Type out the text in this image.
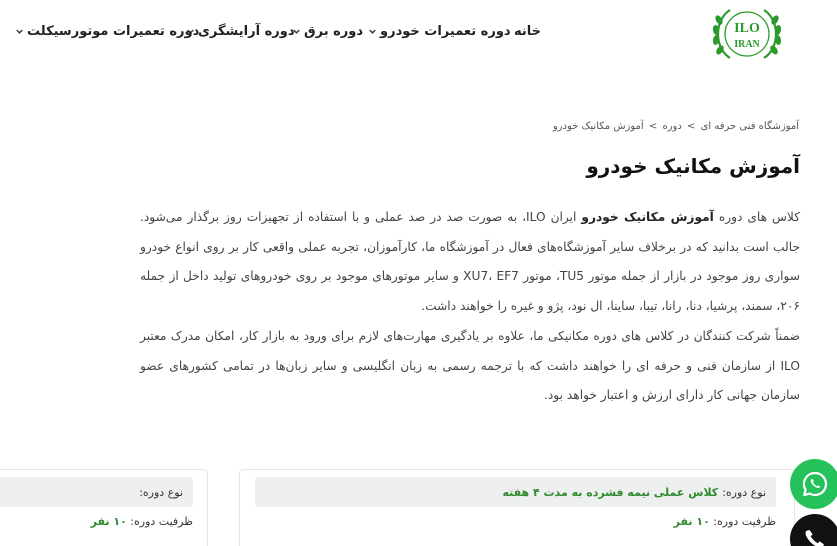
ILO
IRAN
خانه
دوره تعمیرات خودرو
دوره برق
دوره آرایشگری
دوره تعمیرات موتورسیکلت
آموزشگاه فنی حرفه ای > دوره > آموزش مکانیک خودرو
آموزش مکانیک خودرو

کلاس های دوره آموزش مکانیک خودرو ایران ILO، به صورت صد در صد عملی و با استفاده از تجهیزات روز برگذار می‌شود. جالب است بدانید که در برخلاف سایر آموزشگاه‌های فعال در آموزشگاه ما، کارآموزان، تجربه عملی واقعی کار بر روی انواع خودرو سواری روز موجود در بازار از جمله موتور TU5، موتور XU7، EF7 و سایر موتورهای موجود بر روی خودروهای تولید داخل از جمله ۲۰۶، سمند، پرشیا، دنا، رانا، تیبا، ساینا، ال نود، پژو و غیره را خواهند داشت.

ضمناً شرکت کنندگان در کلاس های دوره مکانیکی ما، علاوه بر یادگیری مهارت‌های لازم برای ورود به بازار کار، امکان مدرک معتبر ILO از سازمان فنی و حرفه ای را خواهند داشت که با ترجمه رسمی به زبان انگلیسی و سایر زبان‌ها در تمامی کشورهای عضو سازمان جهانی کار دارای ارزش و اعتبار خواهد بود.

نوع دوره:
کلاس عملی نیمه فشرده به مدت ۴ هفته
ظرفیت دوره: ۱۰ نفر
نوع دوره:
ظرفیت دوره: ۱۰ نفر
